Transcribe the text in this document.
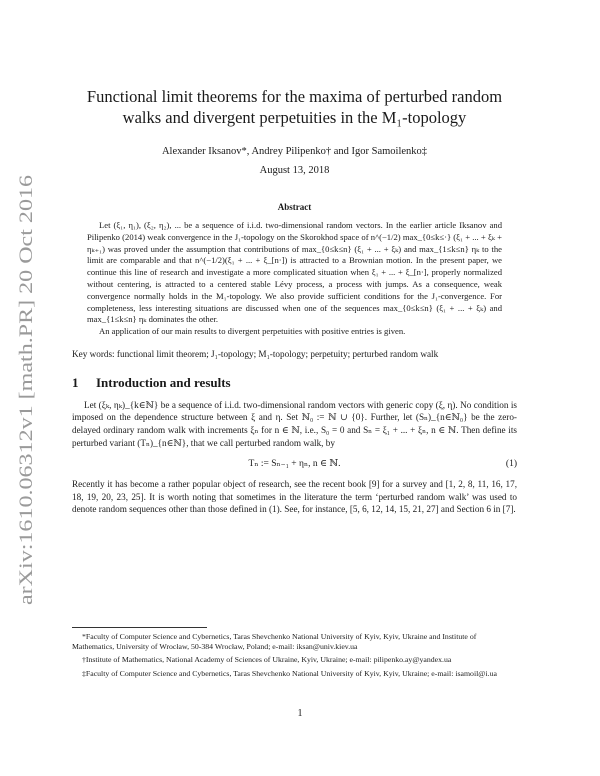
arXiv:1610.06312v1 [math.PR] 20 Oct 2016
Functional limit theorems for the maxima of perturbed random walks and divergent perpetuities in the M₁-topology
Alexander Iksanov*, Andrey Pilipenko† and Igor Samoilenko‡
August 13, 2018
Abstract

Let (ξ₁, η₁), (ξ₂, η₂), ... be a sequence of i.i.d. two-dimensional random vectors. In the earlier article Iksanov and Pilipenko (2014) weak convergence in the J₁-topology on the Skorokhod space of n^(−1/2) max_{0≤k≤·} (ξ₁ + ... + ξₖ + ηₖ₊₁) was proved under the assumption that contributions of max_{0≤k≤n} (ξ₁ + ... + ξₖ) and max_{1≤k≤n} ηₖ to the limit are comparable and that n^(−1/2)(ξ₁ + ... + ξ_[n·]) is attracted to a Brownian motion. In the present paper, we continue this line of research and investigate a more complicated situation when ξ₁ + ... + ξ_[n·], properly normalized without centering, is attracted to a centered stable Lévy process, a process with jumps. As a consequence, weak convergence normally holds in the M₁-topology. We also provide sufficient conditions for the J₁-convergence. For completeness, less interesting situations are discussed when one of the sequences max_{0≤k≤n} (ξ₁ + ... + ξₖ) and max_{1≤k≤n} ηₖ dominates the other.

An application of our main results to divergent perpetuities with positive entries is given.

Key words: functional limit theorem; J₁-topology; M₁-topology; perpetuity; perturbed random walk
1 Introduction and results

Let (ξₖ, ηₖ)_{k∈ℕ} be a sequence of i.i.d. two-dimensional random vectors with generic copy (ξ, η). No condition is imposed on the dependence structure between ξ and η. Set ℕ₀ := ℕ ∪ {0}. Further, let (Sₙ)_{n∈ℕ₀} be the zero-delayed ordinary random walk with increments ξₙ for n ∈ ℕ, i.e., S₀ = 0 and Sₙ = ξ₁ + ... + ξₙ, n ∈ ℕ. Then define its perturbed variant (Tₙ)_{n∈ℕ}, that we call perturbed random walk, by

Tₙ := Sₙ₋₁ + ηₙ, n ∈ ℕ.	(1)

Recently it has become a rather popular object of research, see the recent book [9] for a survey and [1, 2, 8, 11, 16, 17, 18, 19, 20, 23, 25]. It is worth noting that sometimes in the literature the term ‘perturbed random walk’ was used to denote random sequences other than those defined in (1). See, for instance, [5, 6, 12, 14, 15, 21, 27] and Section 6 in [7].

*Faculty of Computer Science and Cybernetics, Taras Shevchenko National University of Kyiv, Kyiv, Ukraine and Institute of Mathematics, University of Wrocław, 50-384 Wrocław, Poland; e-mail: iksan@univ.kiev.ua

†Institute of Mathematics, National Academy of Sciences of Ukraine, Kyiv, Ukraine; e-mail: pilipenko.ay@yandex.ua

‡Faculty of Computer Science and Cybernetics, Taras Shevchenko National University of Kyiv, Kyiv, Ukraine; e-mail: isamoil@i.ua

1
